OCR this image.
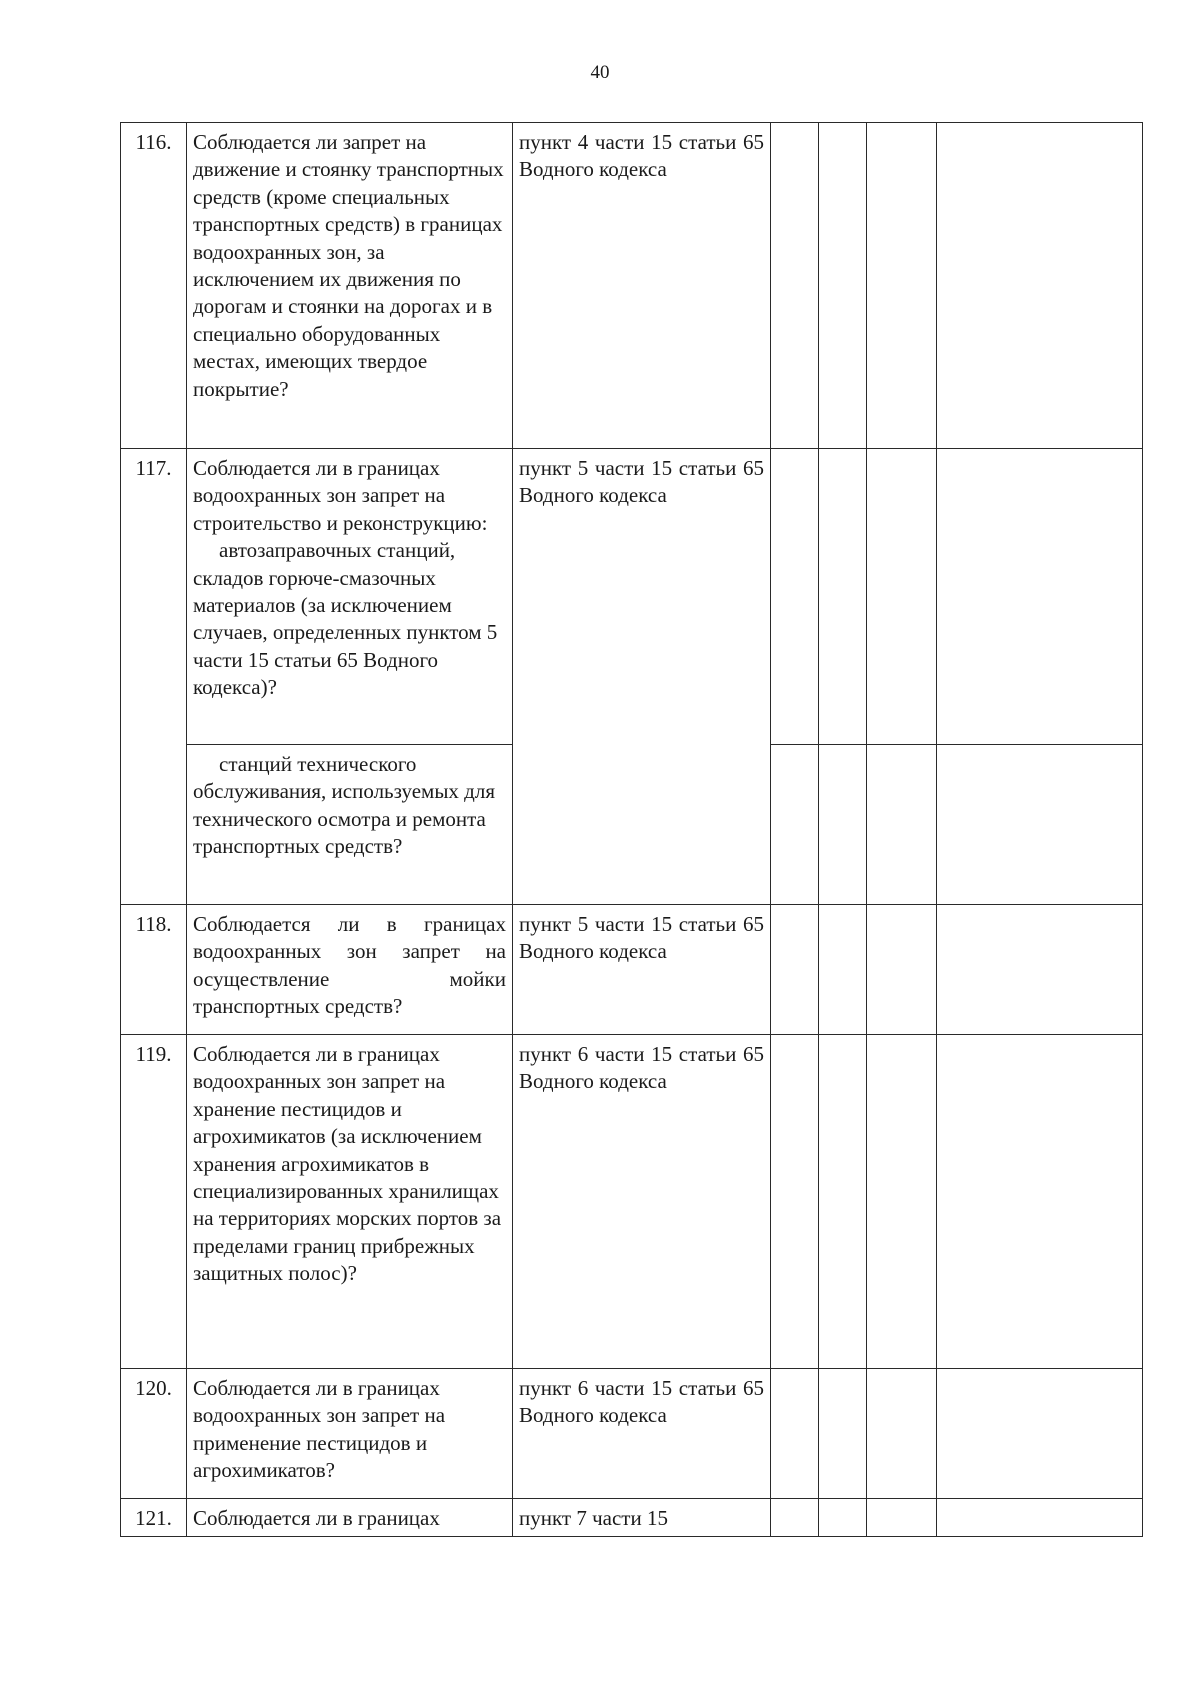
40
116.	Соблюдается ли запрет на движение и стоянку транспортных средств (кроме специальных транспортных средств) в границах водоохранных зон, за исключением их движения по дорогам и стоянки на дорогах и в специально оборудованных местах, имеющих твердое покрытие?	пункт 4 части 15 статьи 65 Водного кодекса				
117.	Соблюдается ли в границах водоохранных зон запрет на строительство и реконструкцию:
автозаправочных станций, складов горюче-смазочных материалов (за исключением случаев, определенных пунктом 5 части 15 статьи 65 Водного кодекса)?	пункт 5 части 15 статьи 65 Водного кодекса				

	станций технического обслуживания, используемых для технического осмотра и ремонта транспортных средств?					

118.	Соблюдается ли в границах водоохранных зон запрет на осуществление мойки транспортных средств?	пункт 5 части 15 статьи 65 Водного кодекса				
119.	Соблюдается ли в границах водоохранных зон запрет на хранение пестицидов и агрохимикатов (за исключением хранения агрохимикатов в специализированных хранилищах на территориях морских портов за пределами границ прибрежных защитных полос)?	пункт 6 части 15 статьи 65 Водного кодекса				
120.	Соблюдается ли в границах водоохранных зон запрет на применение пестицидов и агрохимикатов?	пункт 6 части 15 статьи 65 Водного кодекса				
121.	Соблюдается ли в границах	пункт 7 части 15				
